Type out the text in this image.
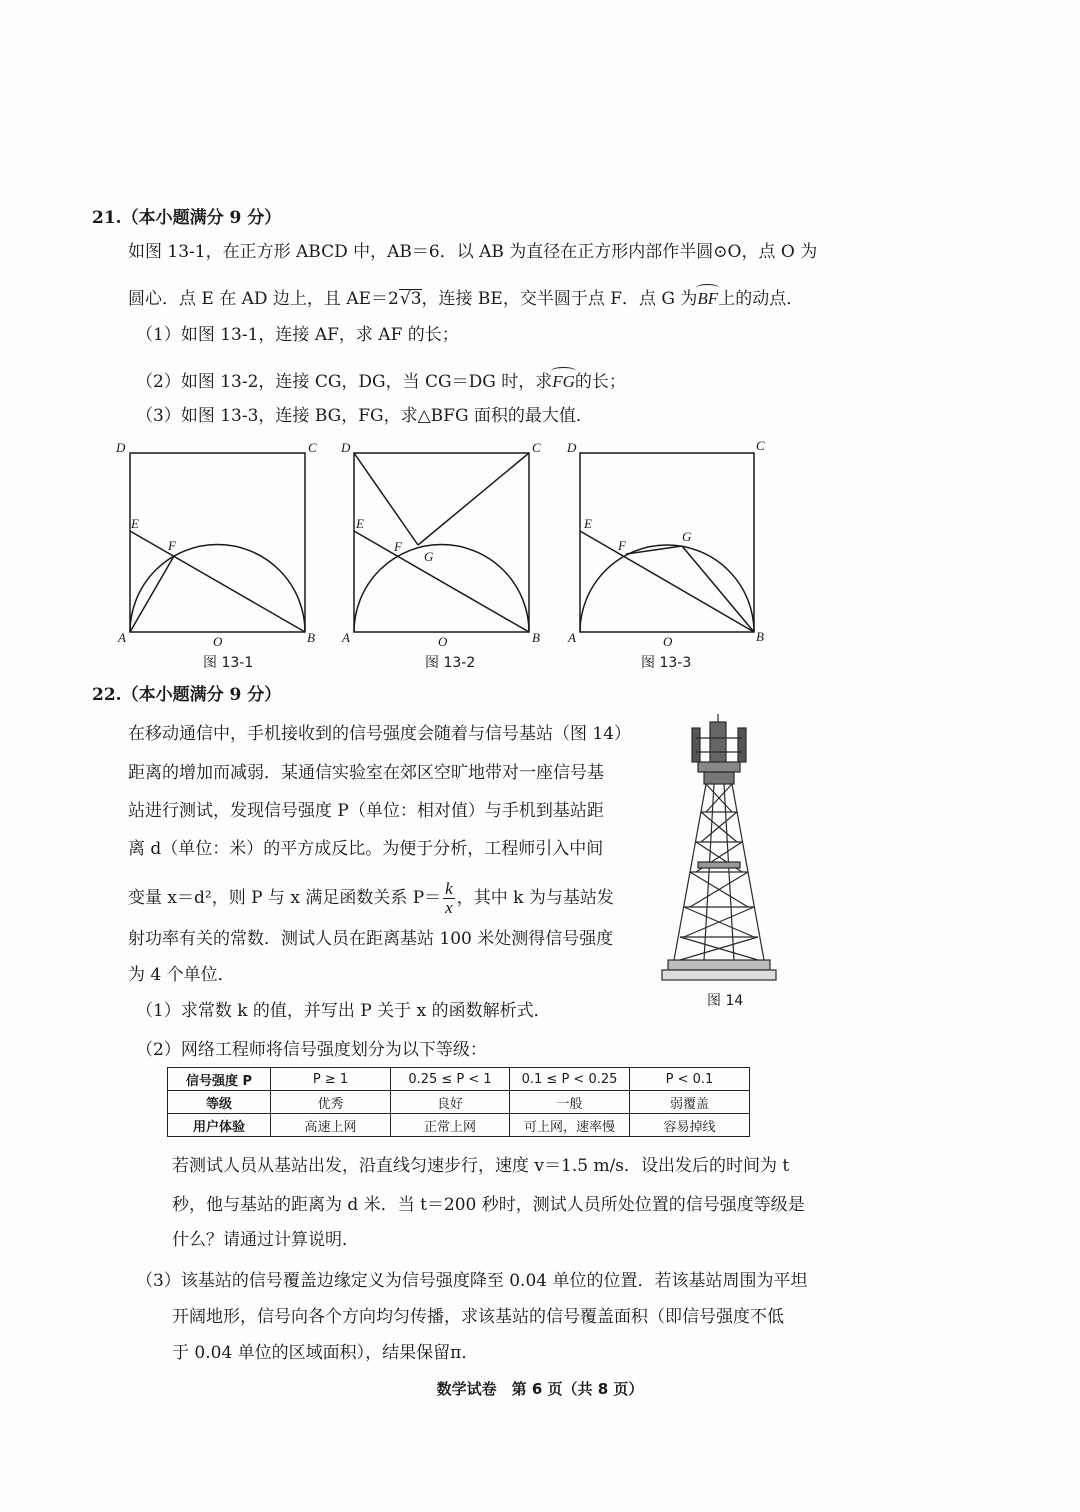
21.（本小题满分 9 分）
如图 13-1，在正方形 ABCD 中，AB＝6．以 AB 为直径在正方形内部作半圆⊙O，点 O 为
圆心．点 E 在 AD 边上，且 AE＝2√3，连接 BE，交半圆于点 F．点 G 为BF上的动点．
（1）如图 13-1，连接 AF，求 AF 的长；
（2）如图 13-2，连接 CG，DG，当 CG＝DG 时，求FG的长；
（3）如图 13-3，连接 BG，FG，求△BFG 面积的最大值．
D	C
E
F
A	O	B
D	C
E
F
G
A	O	B
D	C
E
F
G
A	O	B
图 13-1	图 13-2	图 13-3
22.（本小题满分 9 分）
在移动通信中，手机接收到的信号强度会随着与信号基站（图 14）
距离的增加而减弱．某通信实验室在郊区空旷地带对一座信号基
站进行测试，发现信号强度 P（单位：相对值）与手机到基站距
离 d（单位：米）的平方成反比。为便于分析，工程师引入中间
变量 x＝d²，则 P 与 x 满足函数关系 $P= \frac{k}{x}$ ，其中 k 为与基站发
射功率有关的常数．测试人员在距离基站 100 米处测得信号强度
为 4 个单位．
图 14
（1）求常数 k 的值，并写出 P 关于 x 的函数解析式．
（2）网络工程师将信号强度划分为以下等级：
信号强度 P	P ≥ 1	0.25 ≤ P < 1	0.1 ≤ P < 0.25	P < 0.1
等级	优秀	良好	一般	弱覆盖
用户体验	高速上网	正常上网	可上网，速率慢	容易掉线
若测试人员从基站出发，沿直线匀速步行，速度 v＝1.5 m/s．设出发后的时间为 t
秒，他与基站的距离为 d 米．当 t＝200 秒时，测试人员所处位置的信号强度等级是
什么？请通过计算说明．
（3）该基站的信号覆盖边缘定义为信号强度降至 0.04 单位的位置．若该基站周围为平坦
开阔地形，信号向各个方向均匀传播，求该基站的信号覆盖面积（即信号强度不低
于 0.04 单位的区域面积），结果保留π．
数学试卷　第 6 页（共 8 页）
